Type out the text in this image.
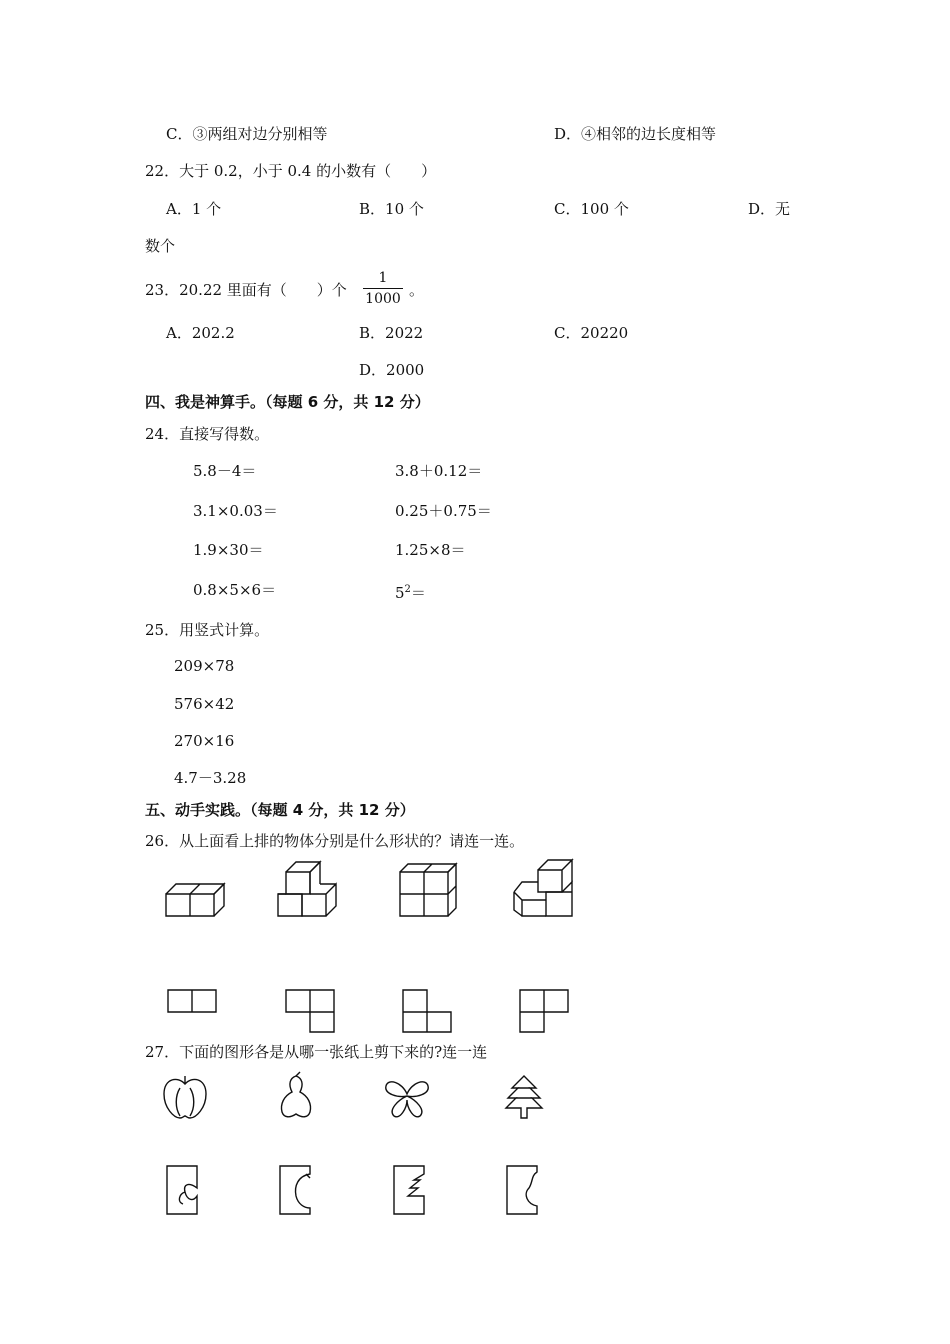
C．③两组对边分别相等	D．④相邻的边长度相等
22．大于 0.2，小于 0.4 的小数有（　　）
A．1 个	B．10 个	C．100 个	D．无
数个
23．20.22 里面有（　　）个 $\frac{1}{1000}$ 。
A．202.2	B．2022	C．20220
D．2000
四、我是神算手。（每题 6 分，共 12 分）
24．直接写得数。
5.8－4＝	3.8＋0.12＝
3.1×0.03＝	0.25＋0.75＝
1.9×30＝	1.25×8＝
0.8×5×6＝	$5^2=$
25．用竖式计算。
209×78
576×42
270×16
4.7－3.28
五、动手实践。（每题 4 分，共 12 分）
26．从上面看上排的物体分别是什么形状的？请连一连。
27．下面的图形各是从哪一张纸上剪下来的?连一连
